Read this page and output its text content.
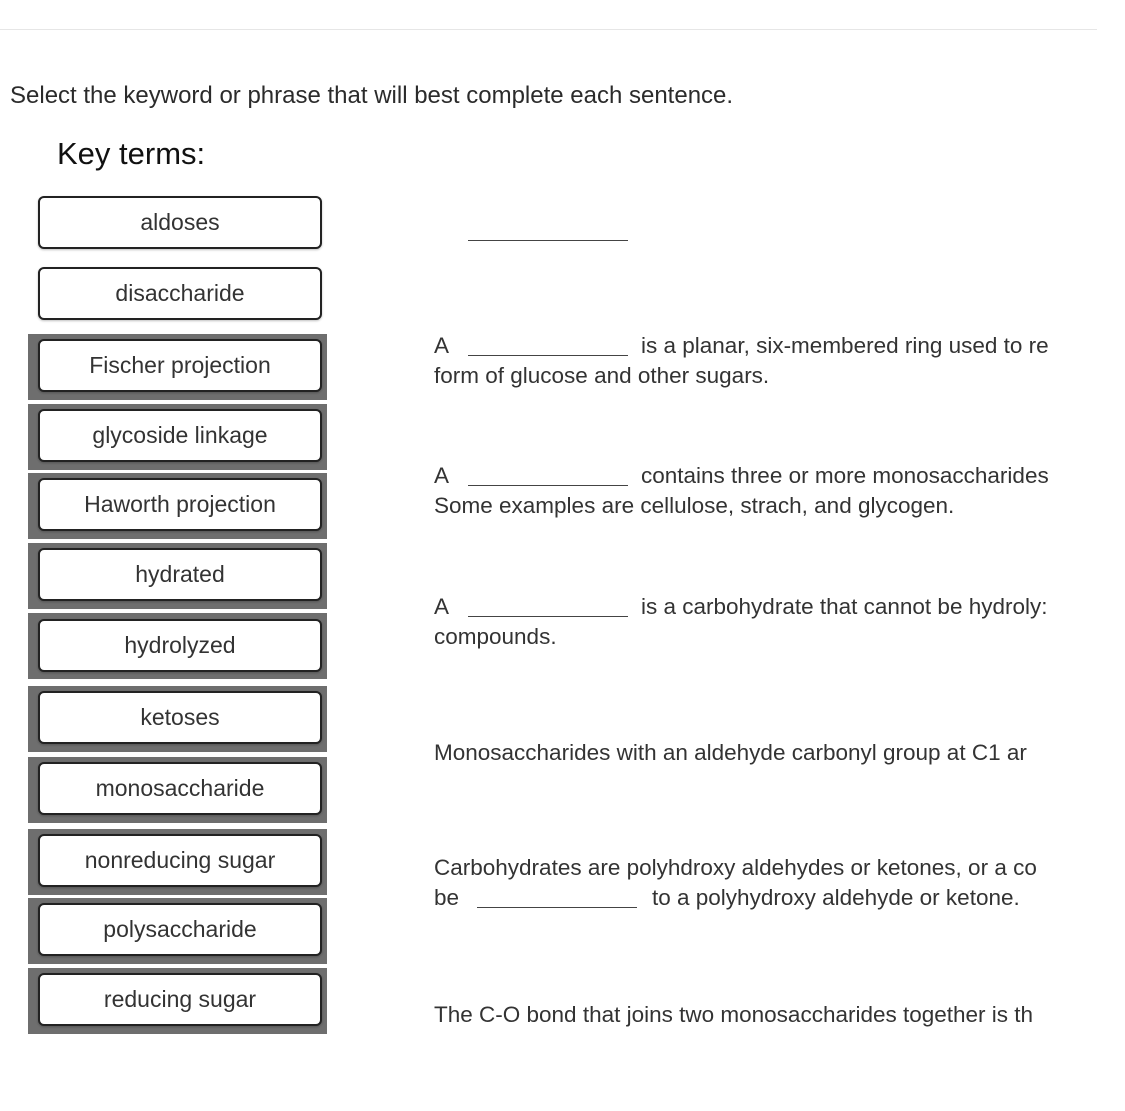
Select the keyword or phrase that will best complete each sentence.
Key terms:
aldoses
disaccharide
Fischer projection
glycoside linkage
Haworth projection
hydrated
hydrolyzed
ketoses
monosaccharide
nonreducing sugar
polysaccharide
reducing sugar
A	is a planar, six-membered ring used to re
form of glucose and other sugars.
A	contains three or more monosaccharides
Some examples are cellulose, strach, and glycogen.
A	is a carbohydrate that cannot be hydroly:
compounds.
Monosaccharides with an aldehyde carbonyl group at C1 ar
Carbohydrates are polyhdroxy aldehydes or ketones, or a co
be	to a polyhydroxy aldehyde or ketone.
The C-O bond that joins two monosaccharides together is th
